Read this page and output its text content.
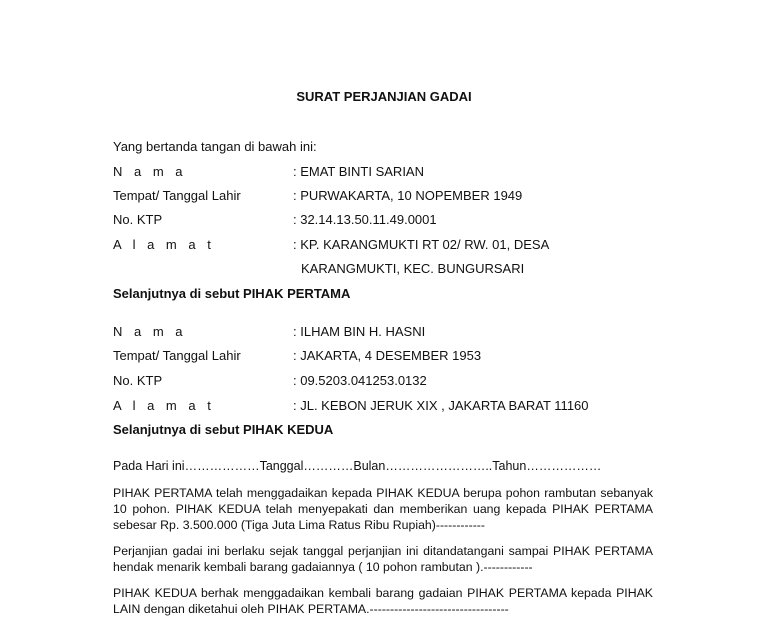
SURAT PERJANJIAN GADAI
Yang bertanda tangan di bawah ini:
N a m a	: EMAT BINTI SARIAN
Tempat/ Tanggal Lahir	: PURWAKARTA, 10 NOPEMBER 1949
No. KTP	: 32.14.13.50.11.49.0001
A l a m a t	: KP. KARANGMUKTI RT 02/ RW. 01, DESA
KARANGMUKTI, KEC. BUNGURSARI
Selanjutnya di sebut PIHAK PERTAMA
N a m a	: ILHAM BIN H. HASNI
Tempat/ Tanggal Lahir	: JAKARTA, 4 DESEMBER 1953
No. KTP	: 09.5203.041253.0132
A l a m a t	: JL. KEBON JERUK XIX , JAKARTA BARAT 11160
Selanjutnya di sebut PIHAK KEDUA
Pada Hari ini………………Tanggal…………Bulan……………………..Tahun………………
PIHAK PERTAMA telah menggadaikan kepada PIHAK KEDUA berupa pohon rambutan sebanyak 10 pohon. PIHAK KEDUA telah menyepakati dan memberikan uang kepada PIHAK PERTAMA sebesar Rp. 3.500.000 (Tiga Juta Lima Ratus Ribu Rupiah)------------
Perjanjian gadai ini berlaku sejak tanggal perjanjian ini ditandatangani sampai PIHAK PERTAMA hendak menarik kembali barang gadaiannya ( 10 pohon rambutan ).------------
PIHAK KEDUA berhak menggadaikan kembali barang gadaian PIHAK PERTAMA kepada PIHAK LAIN dengan diketahui oleh PIHAK PERTAMA.----------------------------------
